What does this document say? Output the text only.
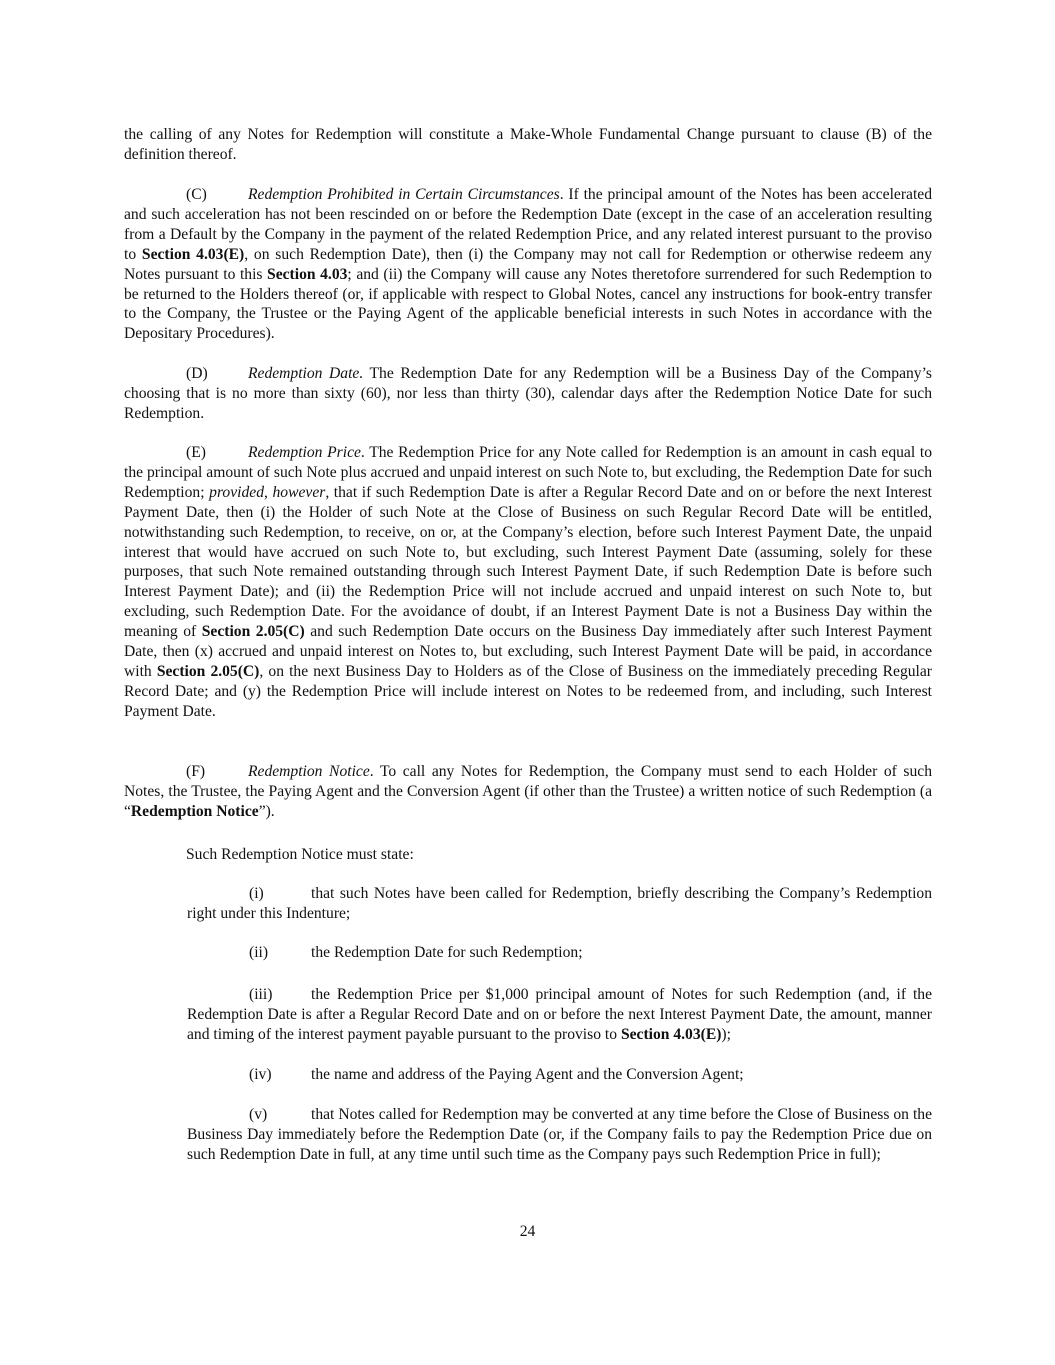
the calling of any Notes for Redemption will constitute a Make-Whole Fundamental Change pursuant to clause (B) of the definition thereof.

(C)	Redemption Prohibited in Certain Circumstances. If the principal amount of the Notes has been accelerated and such acceleration has not been rescinded on or before the Redemption Date (except in the case of an acceleration resulting from a Default by the Company in the payment of the related Redemption Price, and any related interest pursuant to the proviso to Section 4.03(E), on such Redemption Date), then (i) the Company may not call for Redemption or otherwise redeem any Notes pursuant to this Section 4.03; and (ii) the Company will cause any Notes theretofore surrendered for such Redemption to be returned to the Holders thereof (or, if applicable with respect to Global Notes, cancel any instructions for book-entry transfer to the Company, the Trustee or the Paying Agent of the applicable beneficial interests in such Notes in accordance with the Depositary Procedures).

(D)	Redemption Date. The Redemption Date for any Redemption will be a Business Day of the Company’s choosing that is no more than sixty (60), nor less than thirty (30), calendar days after the Redemption Notice Date for such Redemption.

(E)	Redemption Price. The Redemption Price for any Note called for Redemption is an amount in cash equal to the principal amount of such Note plus accrued and unpaid interest on such Note to, but excluding, the Redemption Date for such Redemption; provided, however, that if such Redemption Date is after a Regular Record Date and on or before the next Interest Payment Date, then (i) the Holder of such Note at the Close of Business on such Regular Record Date will be entitled, notwithstanding such Redemption, to receive, on or, at the Company’s election, before such Interest Payment Date, the unpaid interest that would have accrued on such Note to, but excluding, such Interest Payment Date (assuming, solely for these purposes, that such Note remained outstanding through such Interest Payment Date, if such Redemption Date is before such Interest Payment Date); and (ii) the Redemption Price will not include accrued and unpaid interest on such Note to, but excluding, such Redemption Date. For the avoidance of doubt, if an Interest Payment Date is not a Business Day within the meaning of Section 2.05(C) and such Redemption Date occurs on the Business Day immediately after such Interest Payment Date, then (x) accrued and unpaid interest on Notes to, but excluding, such Interest Payment Date will be paid, in accordance with Section 2.05(C), on the next Business Day to Holders as of the Close of Business on the immediately preceding Regular Record Date; and (y) the Redemption Price will include interest on Notes to be redeemed from, and including, such Interest Payment Date.

(F)	Redemption Notice. To call any Notes for Redemption, the Company must send to each Holder of such Notes, the Trustee, the Paying Agent and the Conversion Agent (if other than the Trustee) a written notice of such Redemption (a “Redemption Notice”).

Such Redemption Notice must state:

(i)	that such Notes have been called for Redemption, briefly describing the Company’s Redemption right under this Indenture;

(ii)	the Redemption Date for such Redemption;

(iii) the Redemption Price per $1,000 principal amount of Notes for such Redemption (and, if the Redemption Date is after a Regular Record Date and on or before the next Interest Payment Date, the amount, manner and timing of the interest payment payable pursuant to the proviso to Section 4.03(E));

(iv)	the name and address of the Paying Agent and the Conversion Agent;

(v)	that Notes called for Redemption may be converted at any time before the Close of Business on the Business Day immediately before the Redemption Date (or, if the Company fails to pay the Redemption Price due on such Redemption Date in full, at any time until such time as the Company pays such Redemption Price in full);

24
